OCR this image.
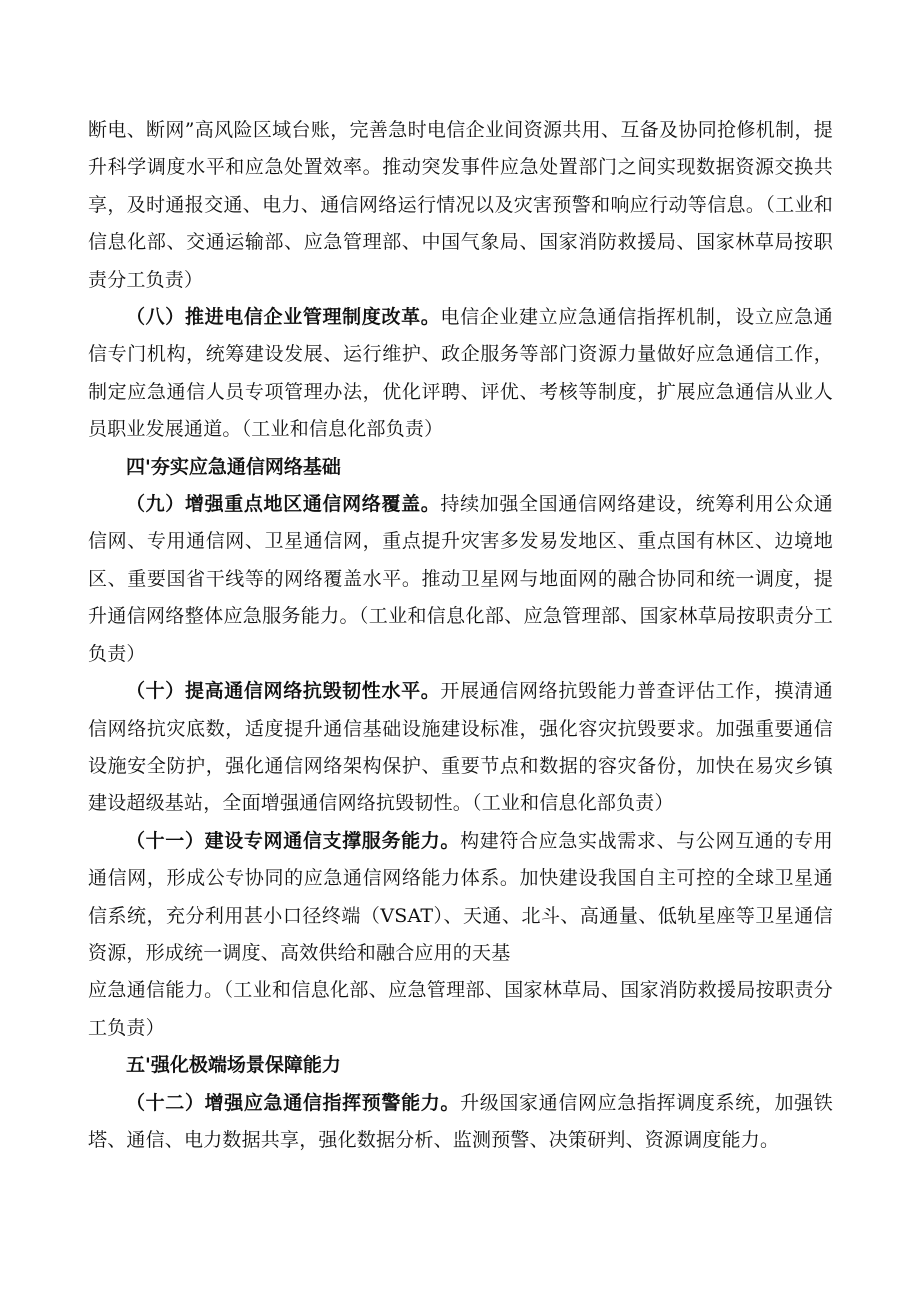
断电、断网”高风险区域台账，完善急时电信企业间资源共用、互备及协同抢修机制，提升科学调度水平和应急处置效率。推动突发事件应急处置部门之间实现数据资源交换共享，及时通报交通、电力、通信网络运行情况以及灾害预警和响应行动等信息。（工业和信息化部、交通运输部、应急管理部、中国气象局、国家消防救援局、国家林草局按职责分工负责）

（八）推进电信企业管理制度改革。电信企业建立应急通信指挥机制，设立应急通信专门机构，统筹建设发展、运行维护、政企服务等部门资源力量做好应急通信工作，制定应急通信人员专项管理办法，优化评聘、评优、考核等制度，扩展应急通信从业人员职业发展通道。（工业和信息化部负责）

四'夯实应急通信网络基础

（九）增强重点地区通信网络覆盖。持续加强全国通信网络建设，统筹利用公众通信网、专用通信网、卫星通信网，重点提升灾害多发易发地区、重点国有林区、边境地区、重要国省干线等的网络覆盖水平。推动卫星网与地面网的融合协同和统一调度，提升通信网络整体应急服务能力。（工业和信息化部、应急管理部、国家林草局按职责分工负责）

（十）提高通信网络抗毁韧性水平。开展通信网络抗毁能力普查评估工作，摸清通信网络抗灾底数，适度提升通信基础设施建设标准，强化容灾抗毁要求。加强重要通信设施安全防护，强化通信网络架构保护、重要节点和数据的容灾备份，加快在易灾乡镇建设超级基站，全面增强通信网络抗毁韧性。（工业和信息化部负责）

（十一）建设专网通信支撑服务能力。构建符合应急实战需求、与公网互通的专用通信网，形成公专协同的应急通信网络能力体系。加快建设我国自主可控的全球卫星通信系统，充分利用甚小口径终端（VSAT）、天通、北斗、高通量、低轨星座等卫星通信资源，形成统一调度、高效供给和融合应用的天基

应急通信能力。（工业和信息化部、应急管理部、国家林草局、国家消防救援局按职责分工负责）

五'强化极端场景保障能力

（十二）增强应急通信指挥预警能力。升级国家通信网应急指挥调度系统，加强铁塔、通信、电力数据共享，强化数据分析、监测预警、决策研判、资源调度能力。
